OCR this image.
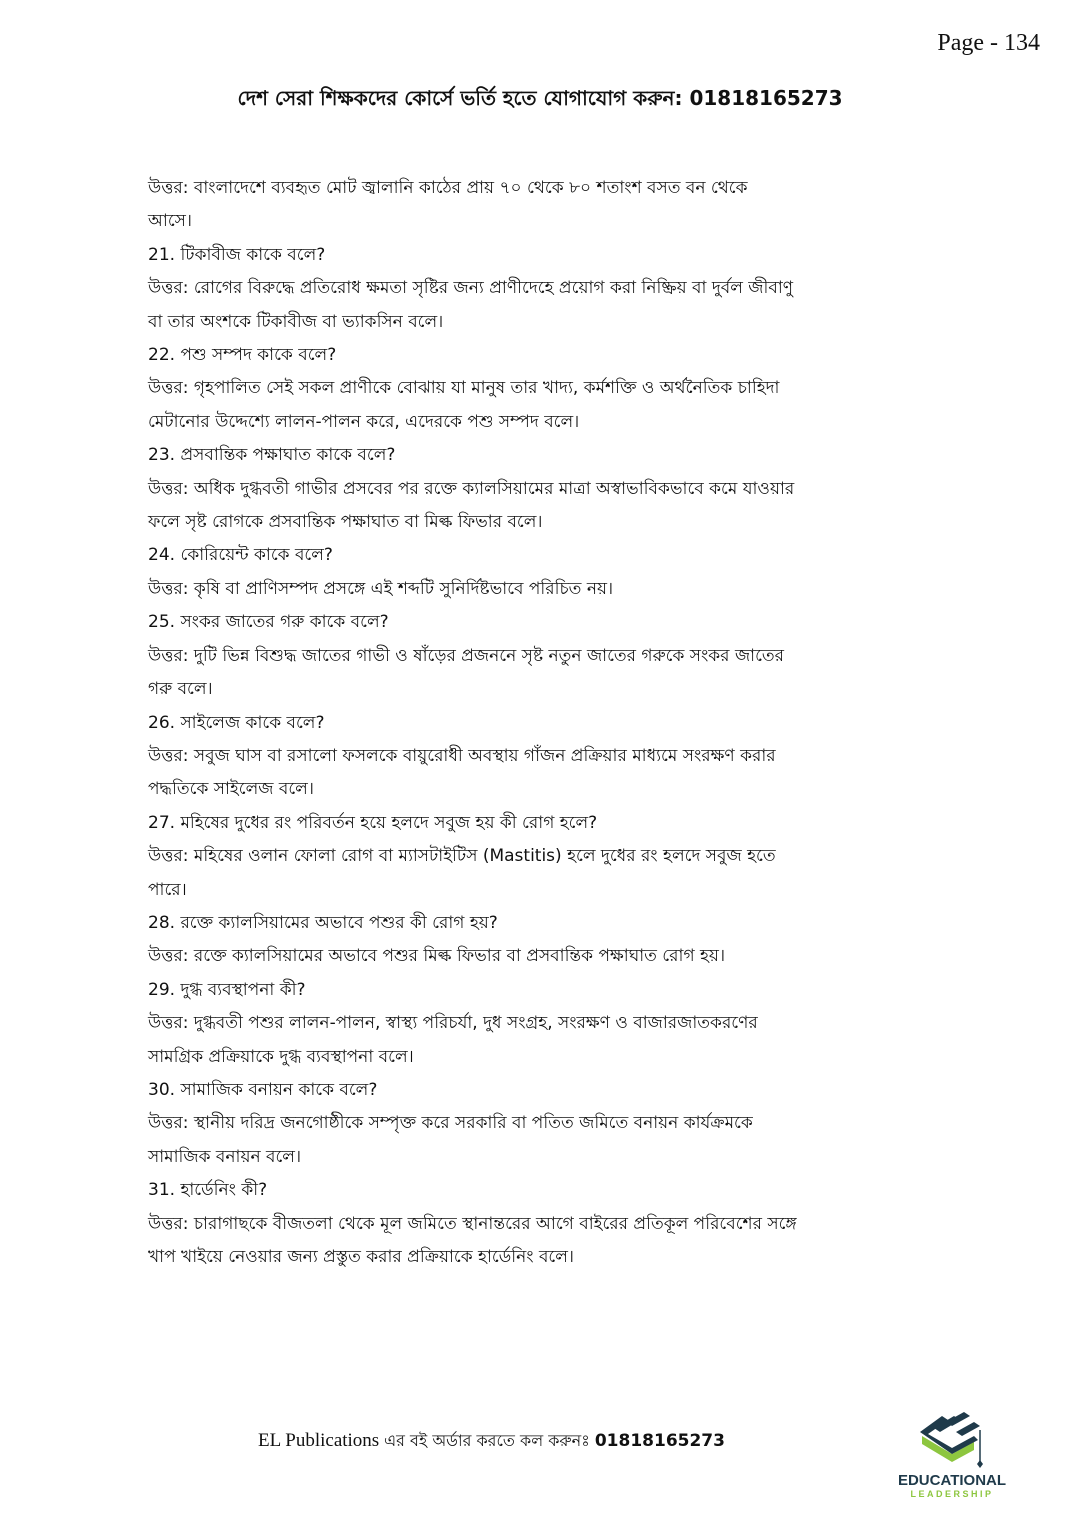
Page - 134
দেশ সেরা শিক্ষকদের কোর্সে ভর্তি হতে যোগাযোগ করুন: 01818165273
উত্তর: বাংলাদেশে ব্যবহৃত মোট জ্বালানি কাঠের প্রায় ৭০ থেকে ৮০ শতাংশ বসত বন থেকে
আসে।
21. টিকাবীজ কাকে বলে?
উত্তর: রোগের বিরুদ্ধে প্রতিরোধ ক্ষমতা সৃষ্টির জন্য প্রাণীদেহে প্রয়োগ করা নিষ্ক্রিয় বা দুর্বল জীবাণু
বা তার অংশকে টিকাবীজ বা ভ্যাকসিন বলে।
22. পশু সম্পদ কাকে বলে?
উত্তর: গৃহপালিত সেই সকল প্রাণীকে বোঝায় যা মানুষ তার খাদ্য, কর্মশক্তি ও অর্থনৈতিক চাহিদা
মেটানোর উদ্দেশ্যে লালন-পালন করে, এদেরকে পশু সম্পদ বলে।
23. প্রসবান্তিক পক্ষাঘাত কাকে বলে?
উত্তর: অধিক দুগ্ধবতী গাভীর প্রসবের পর রক্তে ক্যালসিয়ামের মাত্রা অস্বাভাবিকভাবে কমে যাওয়ার
ফলে সৃষ্ট রোগকে প্রসবান্তিক পক্ষাঘাত বা মিল্ক ফিভার বলে।
24. কোরিয়েন্ট কাকে বলে?
উত্তর: কৃষি বা প্রাণিসম্পদ প্রসঙ্গে এই শব্দটি সুনির্দিষ্টভাবে পরিচিত নয়।
25. সংকর জাতের গরু কাকে বলে?
উত্তর: দুটি ভিন্ন বিশুদ্ধ জাতের গাভী ও ষাঁড়ের প্রজননে সৃষ্ট নতুন জাতের গরুকে সংকর জাতের
গরু বলে।
26. সাইলেজ কাকে বলে?
উত্তর: সবুজ ঘাস বা রসালো ফসলকে বায়ুরোধী অবস্থায় গাঁজন প্রক্রিয়ার মাধ্যমে সংরক্ষণ করার
পদ্ধতিকে সাইলেজ বলে।
27. মহিষের দুধের রং পরিবর্তন হয়ে হলদে সবুজ হয় কী রোগ হলে?
উত্তর: মহিষের ওলান ফোলা রোগ বা ম্যাসটাইটিস (Mastitis) হলে দুধের রং হলদে সবুজ হতে
পারে।
28. রক্তে ক্যালসিয়ামের অভাবে পশুর কী রোগ হয়?
উত্তর: রক্তে ক্যালসিয়ামের অভাবে পশুর মিল্ক ফিভার বা প্রসবান্তিক পক্ষাঘাত রোগ হয়।
29. দুগ্ধ ব্যবস্থাপনা কী?
উত্তর: দুগ্ধবতী পশুর লালন-পালন, স্বাস্থ্য পরিচর্যা, দুধ সংগ্রহ, সংরক্ষণ ও বাজারজাতকরণের
সামগ্রিক প্রক্রিয়াকে দুগ্ধ ব্যবস্থাপনা বলে।
30. সামাজিক বনায়ন কাকে বলে?
উত্তর: স্থানীয় দরিদ্র জনগোষ্ঠীকে সম্পৃক্ত করে সরকারি বা পতিত জমিতে বনায়ন কার্যক্রমকে
সামাজিক বনায়ন বলে।
31. হার্ডেনিং কী?
উত্তর: চারাগাছকে বীজতলা থেকে মূল জমিতে স্থানান্তরের আগে বাইরের প্রতিকূল পরিবেশের সঙ্গে
খাপ খাইয়ে নেওয়ার জন্য প্রস্তুত করার প্রক্রিয়াকে হার্ডেনিং বলে।
EL Publications এর বই অর্ডার করতে কল করুনঃ 01818165273
EDUCATIONAL
LEADERSHIP
